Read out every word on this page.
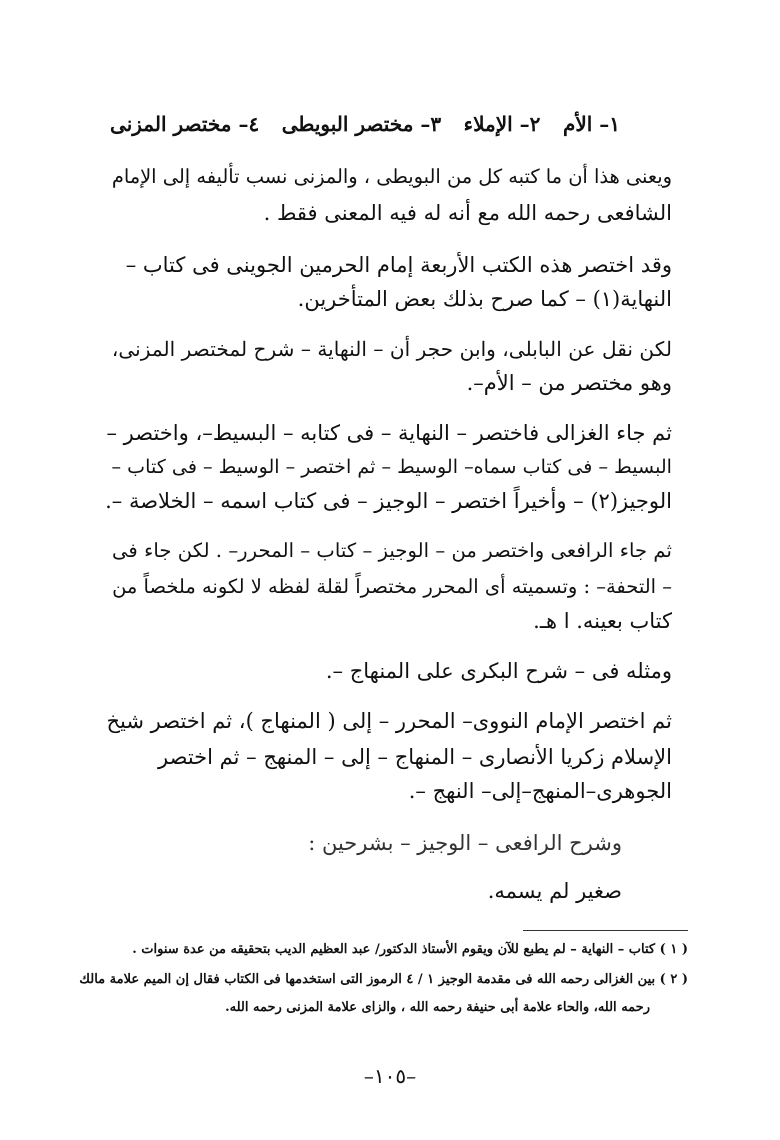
١– الأم
٢– الإملاء
٣– مختصر البويطى
٤– مختصر المزنى
ويعنى هذا أن ما كتبه كل من البويطى ، والمزنى نسب تأليفه إلى الإمام
الشافعى رحمه الله مع أنه له فيه المعنى فقط .
وقد اختصر هذه الكتب الأربعة إمام الحرمين الجوينى فى كتاب –
النهاية(١) – كما صرح بذلك بعض المتأخرين.
لكن نقل عن البابلى، وابن حجر أن – النهاية – شرح لمختصر المزنى،
وهو مختصر من – الأم–.
ثم جاء الغزالى فاختصر – النهاية – فى كتابه – البسيط–، واختصر –
البسيط – فى كتاب سماه– الوسيط – ثم اختصر – الوسيط – فى كتاب –
الوجيز(٢) – وأخيراً اختصر – الوجيز – فى كتاب اسمه – الخلاصة –.
ثم جاء الرافعى واختصر من – الوجيز – كتاب – المحرر– . لكن جاء فى
– التحفة– : وتسميته أى المحرر مختصراً لقلة لفظه لا لكونه ملخصاً من
كتاب بعينه. ا هـ.
ومثله فى – شرح البكرى على المنهاج –.
ثم اختصر الإمام النووى– المحرر – إلى ( المنهاج )، ثم اختصر شيخ
الإسلام زكريا الأنصارى – المنهاج – إلى – المنهج – ثم اختصر
الجوهرى–المنهج–إلى– النهج –.
وشرح الرافعى – الوجيز – بشرحين :
صغير لم يسمه.
( ١ ) كتاب – النهاية – لم يطبع للآن ويقوم الأستاذ الدكتور/ عبد العظيم الديب بتحقيقه من عدة سنوات .
( ٢ ) بين الغزالى رحمه الله فى مقدمة الوجيز ١ / ٤ الرموز التى استخدمها فى الكتاب فقال إن الميم علامة مالك
رحمه الله، والحاء علامة أبى حنيفة رحمه الله ، والزاى علامة المزنى رحمه الله.
–١٠٥–
